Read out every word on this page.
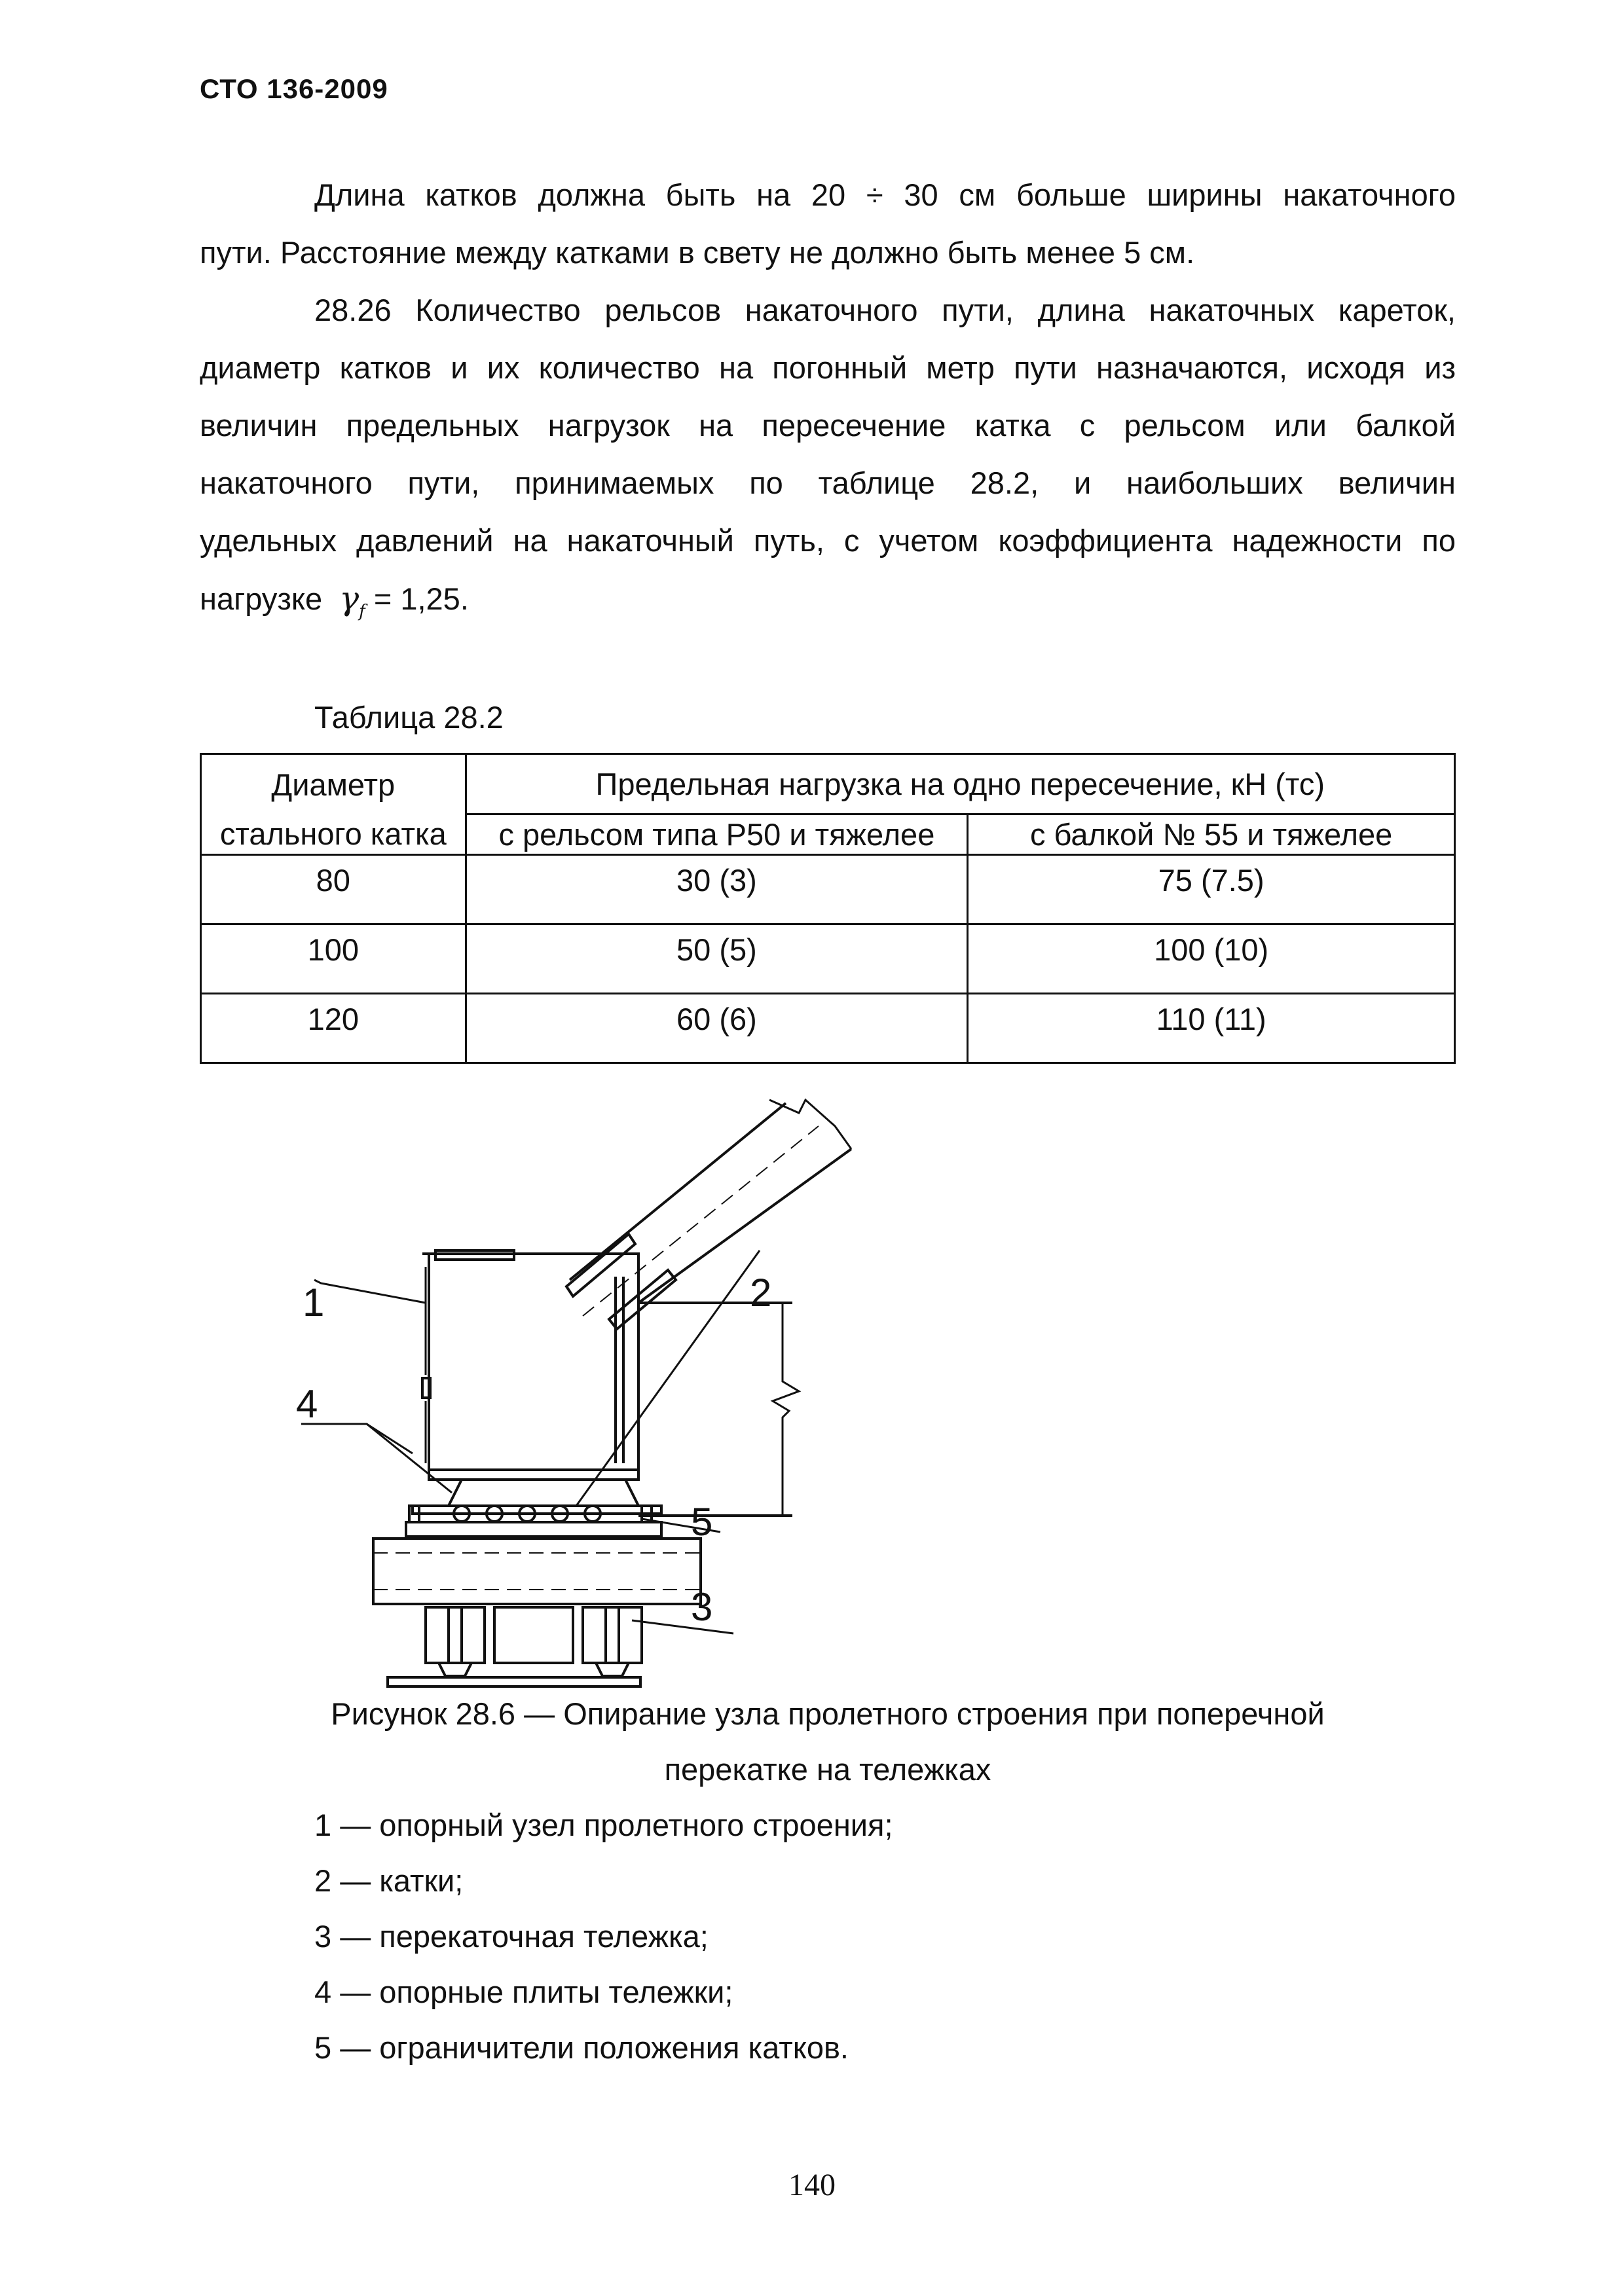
СТО 136-2009
Длина катков должна быть на 20 ÷ 30 см больше ширины накаточного
пути. Расстояние между катками в свету не должно быть менее 5 см.
28.26 Количество рельсов накаточного пути, длина накаточных кареток,
диаметр катков и их количество на погонный метр пути назначаются, исходя из
величин предельных нагрузок на пересечение катка с рельсом или балкой
накаточного пути, принимаемых по таблице 28.2, и наибольших величин
удельных давлений на накаточный путь, с учетом коэффициента надежности по
нагрузке $\gamma_f = 1,25$.
Таблица 28.2
Диаметр	Предельная нагрузка на одно пересечение, кН (тс)	
стального катка	с рельсом типа Р50 и тяжелее	с балкой № 55 и тяжелее
80	30 (3)	75 (7.5)
100	50 (5)	100 (10)
120	60 (6)	110 (11)
1
4
2
5
3
Рисунок 28.6 — Опирание узла пролетного строения при поперечной
перекатке на тележках
1 — опорный узел пролетного строения;
2 — катки;
3 — перекаточная тележка;
4 — опорные плиты тележки;
5 — ограничители положения катков.
140
